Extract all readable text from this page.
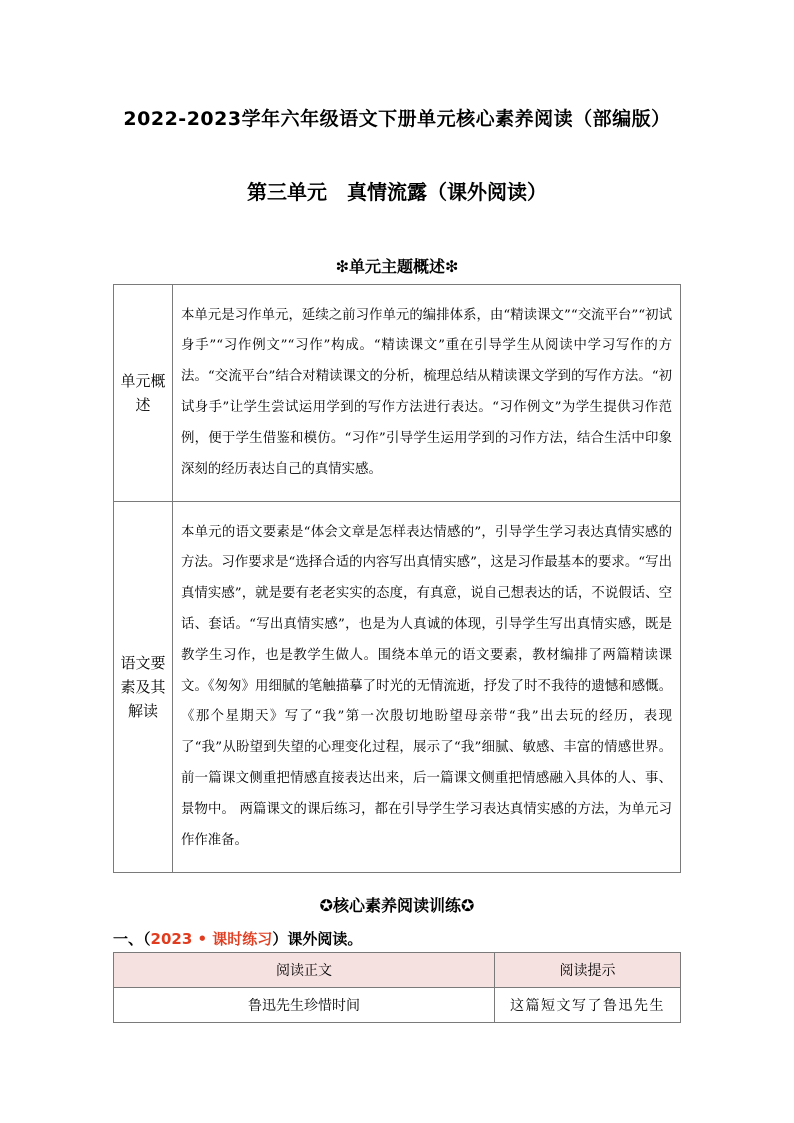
2022-2023学年六年级语文下册单元核心素养阅读（部编版）
第三单元　真情流露（课外阅读）
❇单元主题概述❇
单元概述	本单元是习作单元，延续之前习作单元的编排体系，由“精读课文”“交流平台”“初试身手”“习作例文”“习作”构成。“精读课文”重在引导学生从阅读中学习写作的方法。“交流平台”结合对精读课文的分析，梳理总结从精读课文学到的写作方法。“初试身手”让学生尝试运用学到的写作方法进行表达。“习作例文”为学生提供习作范例，便于学生借鉴和模仿。“习作”引导学生运用学到的习作方法，结合生活中印象深刻的经历表达自己的真情实感。
语文要素及其解读	本单元的语文要素是“体会文章是怎样表达情感的”，引导学生学习表达真情实感的方法。习作要求是“选择合适的内容写出真情实感”，这是习作最基本的要求。“写出真情实感”，就是要有老老实实的态度，有真意，说自己想表达的话，不说假话、空话、套话。“写出真情实感”，也是为人真诚的体现，引导学生写出真情实感，既是教学生习作，也是教学生做人。围绕本单元的语文要素，教材编排了两篇精读课文。《匆匆》用细腻的笔触描摹了时光的无情流逝，抒发了时不我待的遗憾和感慨。《那个星期天》写了“我”第一次殷切地盼望母亲带“我”出去玩的经历，表现了“我”从盼望到失望的心理变化过程，展示了“我”细腻、敏感、丰富的情感世界。前一篇课文侧重把情感直接表达出来，后一篇课文侧重把情感融入具体的人、事、景物中。 两篇课文的课后练习，都在引导学生学习表达真情实感的方法，为单元习作作准备。
✪核心素养阅读训练✪
一、（2023 • 课时练习）课外阅读。
阅读正文	阅读提示
鲁迅先生珍惜时间	这篇短文写了鲁迅先生
